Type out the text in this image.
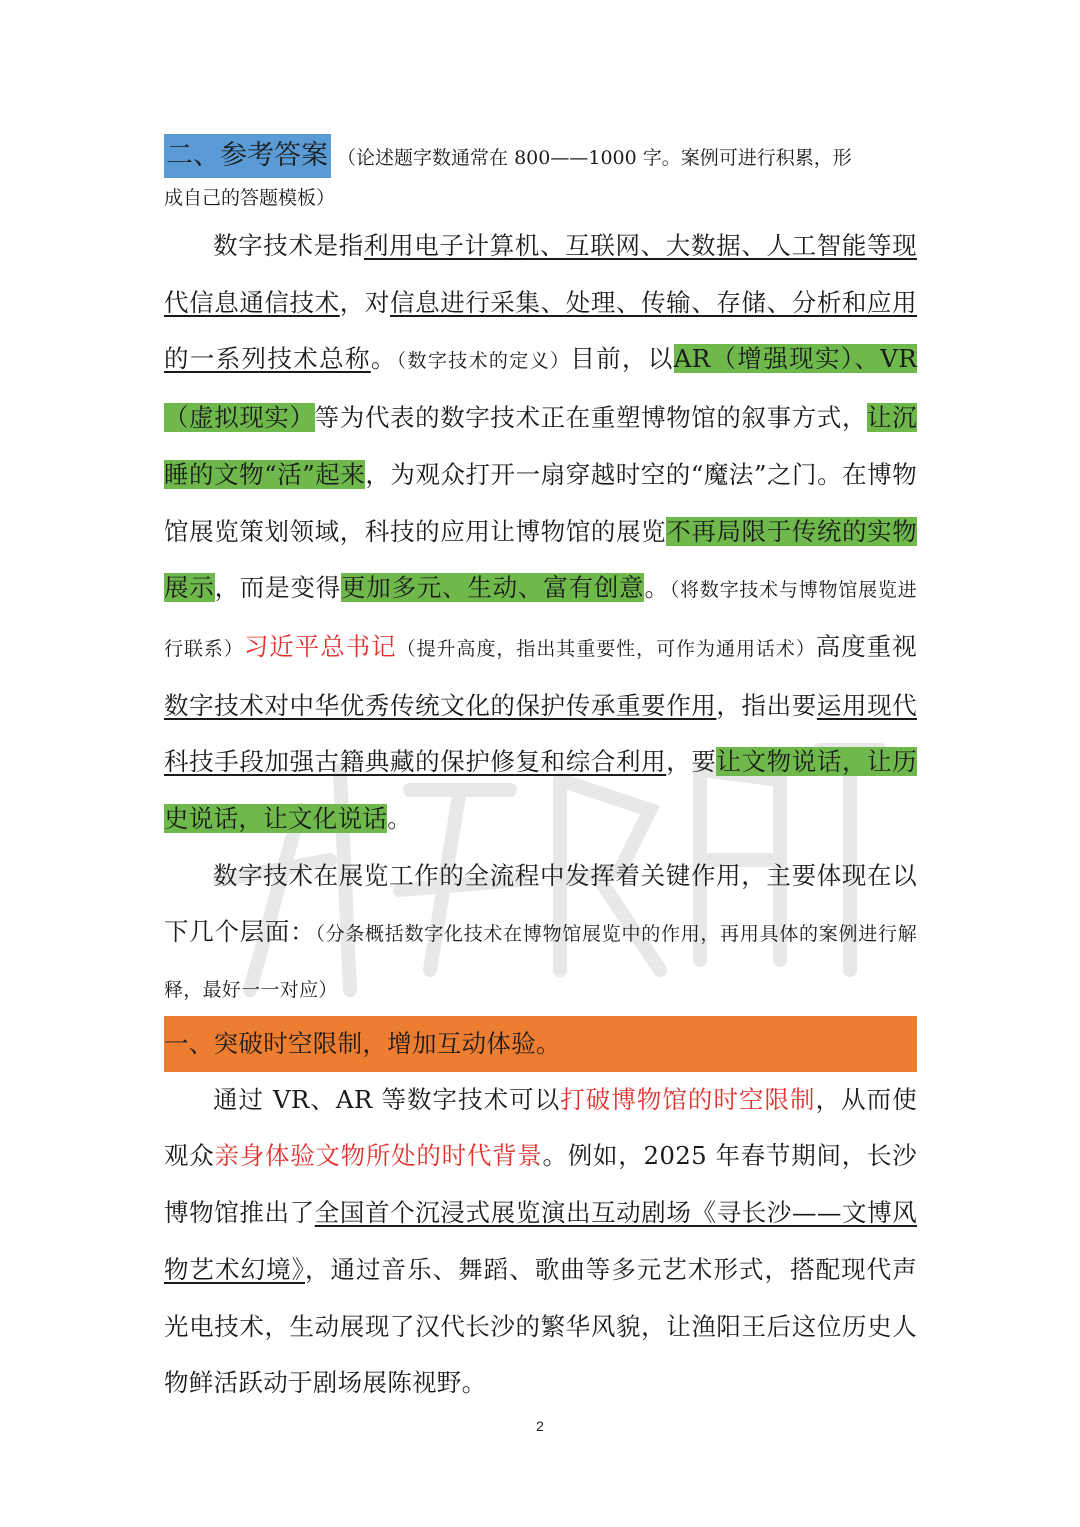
二、参考答案 （论述题字数通常在 800——1000 字。案例可进行积累，形

成自己的答题模板）

数字技术是指利用电子计算机、互联网、大数据、人工智能等现代信息通信技术，对信息进行采集、处理、传输、存储、分析和应用的一系列技术总称。（数字技术的定义）目前，以AR（增强现实）、VR（虚拟现实）等为代表的数字技术正在重塑博物馆的叙事方式，让沉睡的文物“活”起来，为观众打开一扇穿越时空的“魔法”之门。在博物馆展览策划领域，科技的应用让博物馆的展览不再局限于传统的实物展示，而是变得更加多元、生动、富有创意。（将数字技术与博物馆展览进行联系）习近平总书记（提升高度，指出其重要性，可作为通用话术）高度重视数字技术对中华优秀传统文化的保护传承重要作用，指出要运用现代科技手段加强古籍典藏的保护修复和综合利用，要让文物说话，让历史说话，让文化说话。

数字技术在展览工作的全流程中发挥着关键作用，主要体现在以下几个层面：（分条概括数字化技术在博物馆展览中的作用，再用具体的案例进行解释，最好一一对应）

一、突破时空限制，增加互动体验。

通过 VR、AR 等数字技术可以打破博物馆的时空限制，从而使观众亲身体验文物所处的时代背景。例如，2025 年春节期间，长沙博物馆推出了全国首个沉浸式展览演出互动剧场《寻长沙——文博风物艺术幻境》，通过音乐、舞蹈、歌曲等多元艺术形式，搭配现代声光电技术，生动展现了汉代长沙的繁华风貌，让渔阳王后这位历史人物鲜活跃动于剧场展陈视野。

2
